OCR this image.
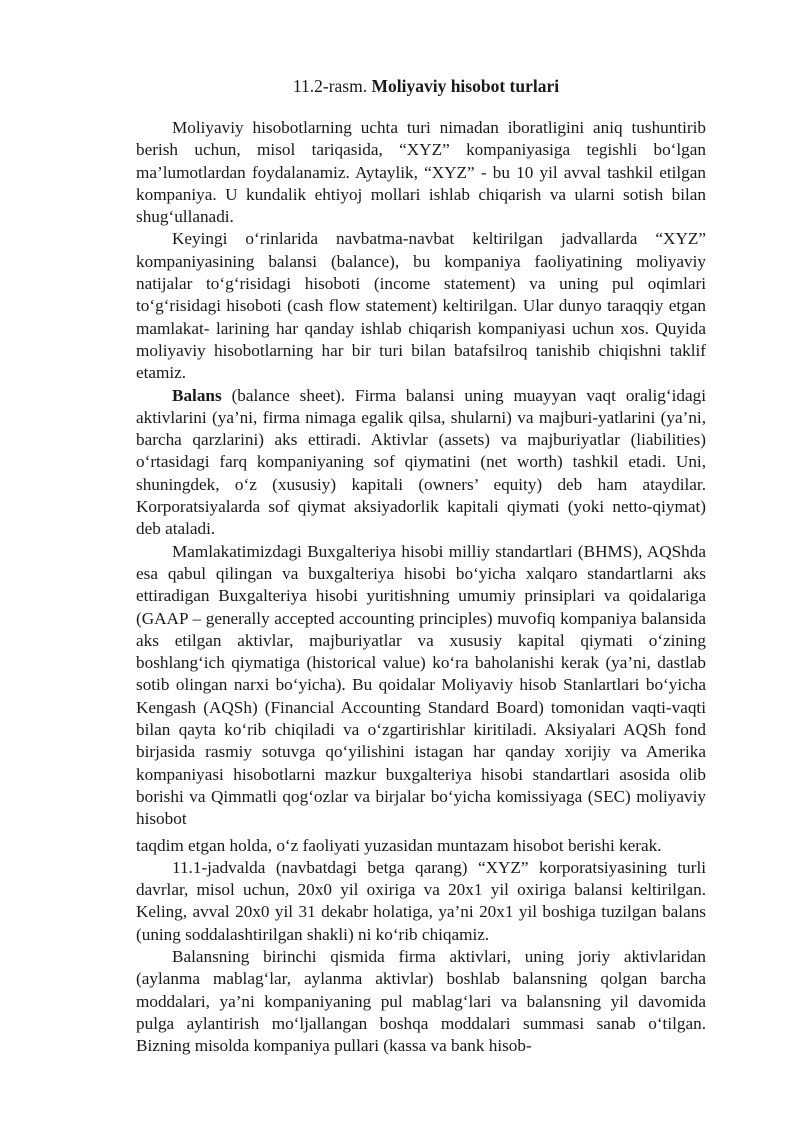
11.2-rasm. Moliyaviy hisobot turlari

Moliyaviy hisobotlarning uchta turi nimadan iboratligini aniq tushuntirib berish uchun, misol tariqasida, “XYZ” kompaniyasiga tegishli bo‘lgan ma’lumotlardan foydalanamiz. Aytaylik, “XYZ” - bu 10 yil avval tashkil etilgan kompaniya. U kundalik ehtiyoj mollari ishlab chiqarish va ularni sotish bilan shug‘ullanadi.

Keyingi o‘rinlarida navbatma-navbat keltirilgan jadvallarda “XYZ” kompaniyasining balansi (balance), bu kompaniya faoliyatining moliyaviy natijalar to‘g‘risidagi hisoboti (income statement) va uning pul oqimlari to‘g‘risidagi hisoboti (cash flow statement) keltirilgan. Ular dunyo taraqqiy etgan mamlakat- larining har qanday ishlab chiqarish kompaniyasi uchun xos. Quyida moliyaviy hisobotlarning har bir turi bilan batafsilroq tanishib chiqishni taklif etamiz.

Balans (balance sheet). Firma balansi uning muayyan vaqt oralig‘idagi aktivlarini (ya’ni, firma nimaga egalik qilsa, shularni) va majburi-yatlarini (ya’ni, barcha qarzlarini) aks ettiradi. Aktivlar (assets) va majburiyatlar (liabilities) o‘rtasidagi farq kompaniyaning sof qiymatini (net worth) tashkil etadi. Uni, shuningdek, o‘z (xususiy) kapitali (owners’ equity) deb ham ataydilar. Korporatsiyalarda sof qiymat aksiyadorlik kapitali qiymati (yoki netto-qiymat) deb ataladi.

Mamlakatimizdagi Buxgalteriya hisobi milliy standartlari (BHMS), AQShda esa qabul qilingan va buxgalteriya hisobi bo‘yicha xalqaro standartlarni aks ettiradigan Buxgalteriya hisobi yuritishning umumiy prinsiplari va qoidalariga (GAAP – generally accepted accounting principles) muvofiq kompaniya balansida aks etilgan aktivlar, majburiyatlar va xususiy kapital qiymati o‘zining boshlang‘ich qiymatiga (historical value) ko‘ra baholanishi kerak (ya’ni, dastlab sotib olingan narxi bo‘yicha). Bu qoidalar Moliyaviy hisob Stanlartlari bo‘yicha Kengash (AQSh) (Financial Accounting Standard Board) tomonidan vaqti-vaqti bilan qayta ko‘rib chiqiladi va o‘zgartirishlar kiritiladi. Aksiyalari AQSh fond birjasida rasmiy sotuvga qo‘yilishini istagan har qanday xorijiy va Amerika kompaniyasi hisobotlarni mazkur buxgalteriya hisobi standartlari asosida olib borishi va Qimmatli qog‘ozlar va birjalar bo‘yicha komissiyaga (SEC) moliyaviy hisobot

taqdim etgan holda, o‘z faoliyati yuzasidan muntazam hisobot berishi kerak.

11.1-jadvalda (navbatdagi betga qarang) “XYZ” korporatsiyasining turli davrlar, misol uchun, 20x0 yil oxiriga va 20x1 yil oxiriga balansi keltirilgan. Keling, avval 20x0 yil 31 dekabr holatiga, ya’ni 20x1 yil boshiga tuzilgan balans (uning soddalashtirilgan shakli) ni ko‘rib chiqamiz.

Balansning birinchi qismida firma aktivlari, uning joriy aktivlaridan (aylanma mablag‘lar, aylanma aktivlar) boshlab balansning qolgan barcha moddalari, ya’ni kompaniyaning pul mablag‘lari va balansning yil davomida pulga aylantirish mo‘ljallangan boshqa moddalari summasi sanab o‘tilgan. Bizning misolda kompaniya pullari (kassa va bank hisob-
